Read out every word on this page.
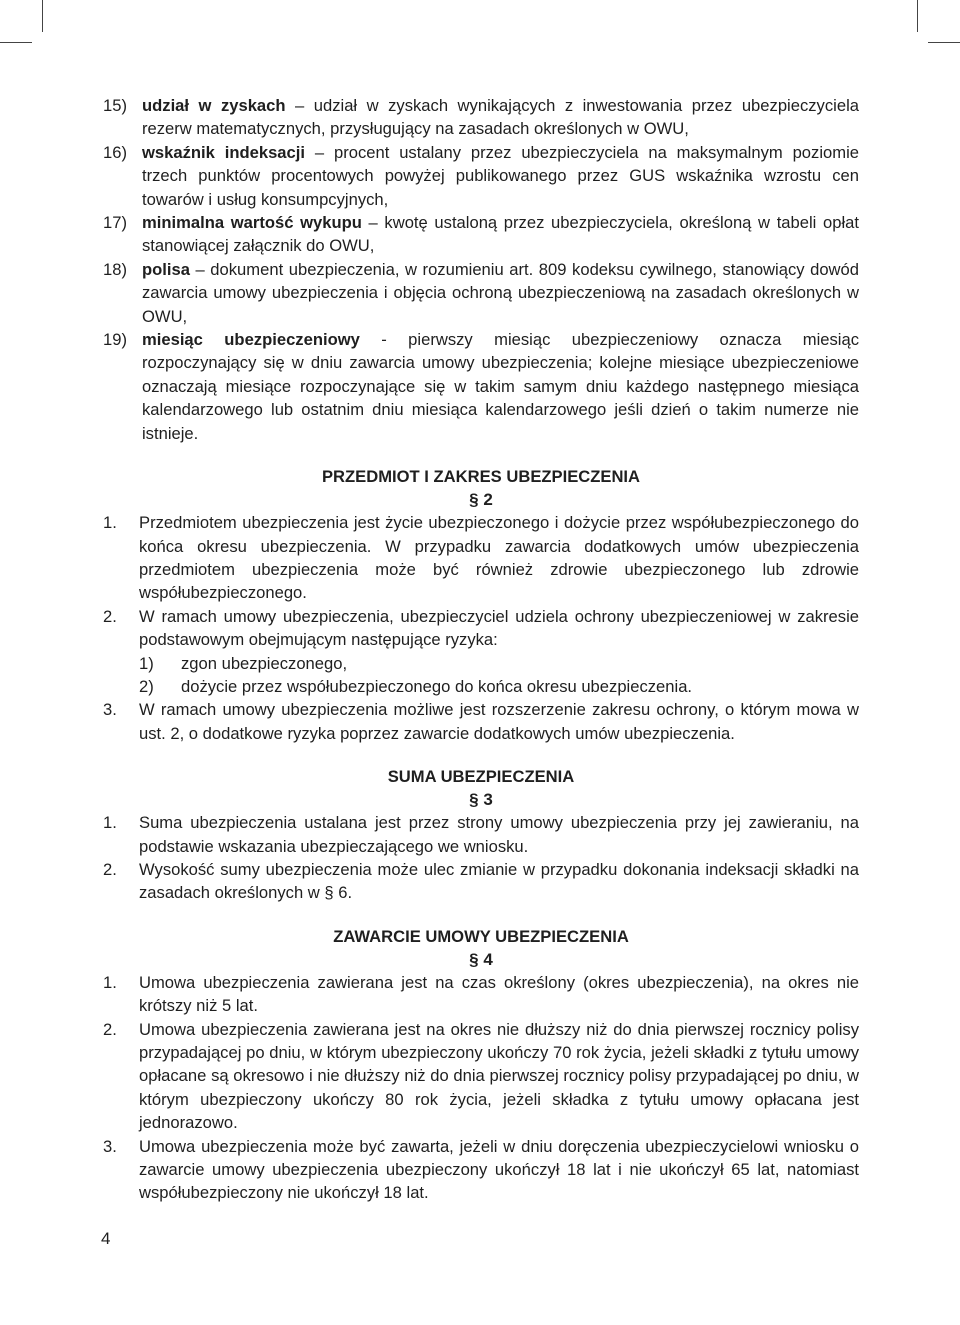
15) udział w zyskach – udział w zyskach wynikających z inwestowania przez ubezpieczyciela rezerw matematycznych, przysługujący na zasadach określonych w OWU,
16) wskaźnik indeksacji – procent ustalany przez ubezpieczyciela na maksymalnym poziomie trzech punktów procentowych powyżej publikowanego przez GUS wskaźnika wzrostu cen towarów i usług konsumpcyjnych,
17) minimalna wartość wykupu – kwotę ustaloną przez ubezpieczyciela, określoną w tabeli opłat stanowiącej załącznik do OWU,
18) polisa – dokument ubezpieczenia, w rozumieniu art. 809 kodeksu cywilnego, stanowiący dowód zawarcia umowy ubezpieczenia i objęcia ochroną ubezpieczeniową na zasadach określonych w OWU,
19) miesiąc ubezpieczeniowy - pierwszy miesiąc ubezpieczeniowy oznacza miesiąc rozpoczynający się w dniu zawarcia umowy ubezpieczenia; kolejne miesiące ubezpieczeniowe oznaczają miesiące rozpoczynające się w takim samym dniu każdego następnego miesiąca kalendarzowego lub ostatnim dniu miesiąca kalendarzowego jeśli dzień o takim numerze nie istnieje.
PRZEDMIOT I ZAKRES UBEZPIECZENIA
§ 2
1.	Przedmiotem ubezpieczenia jest życie ubezpieczonego i dożycie przez współubezpieczonego do końca okresu ubezpieczenia. W przypadku zawarcia dodatkowych umów ubezpieczenia przedmiotem ubezpieczenia może być również zdrowie ubezpieczonego lub zdrowie współubezpieczonego.
2.	W ramach umowy ubezpieczenia, ubezpieczyciel udziela ochrony ubezpieczeniowej w zakresie podstawowym obejmującym następujące ryzyka:
1)	zgon ubezpieczonego,
2)	dożycie przez współubezpieczonego do końca okresu ubezpieczenia.
3.	W ramach umowy ubezpieczenia możliwe jest rozszerzenie zakresu ochrony, o którym mowa w ust. 2, o dodatkowe ryzyka poprzez zawarcie dodatkowych umów ubezpieczenia.
SUMA UBEZPIECZENIA
§ 3
1.	Suma ubezpieczenia ustalana jest przez strony umowy ubezpieczenia przy jej zawieraniu, na podstawie wskazania ubezpieczającego we wniosku.
2.	Wysokość sumy ubezpieczenia może ulec zmianie w przypadku dokonania indeksacji składki na zasadach określonych w § 6.
ZAWARCIE UMOWY UBEZPIECZENIA
§ 4
1.	Umowa ubezpieczenia zawierana jest na czas określony (okres ubezpieczenia), na okres nie krótszy niż 5 lat.
2.	Umowa ubezpieczenia zawierana jest na okres nie dłuższy niż do dnia pierwszej rocznicy polisy przypadającej po dniu, w którym ubezpieczony ukończy 70 rok życia, jeżeli składki z tytułu umowy opłacane są okresowo i nie dłuższy niż do dnia pierwszej rocznicy polisy przypadającej po dniu, w którym ubezpieczony ukończy 80 rok życia, jeżeli składka z tytułu umowy opłacana jest jednorazowo.
3.	Umowa ubezpieczenia może być zawarta, jeżeli w dniu doręczenia ubezpieczycielowi wniosku o zawarcie umowy ubezpieczenia ubezpieczony ukończył 18 lat i nie ukończył 65 lat, natomiast współubezpieczony nie ukończył 18 lat.
4
